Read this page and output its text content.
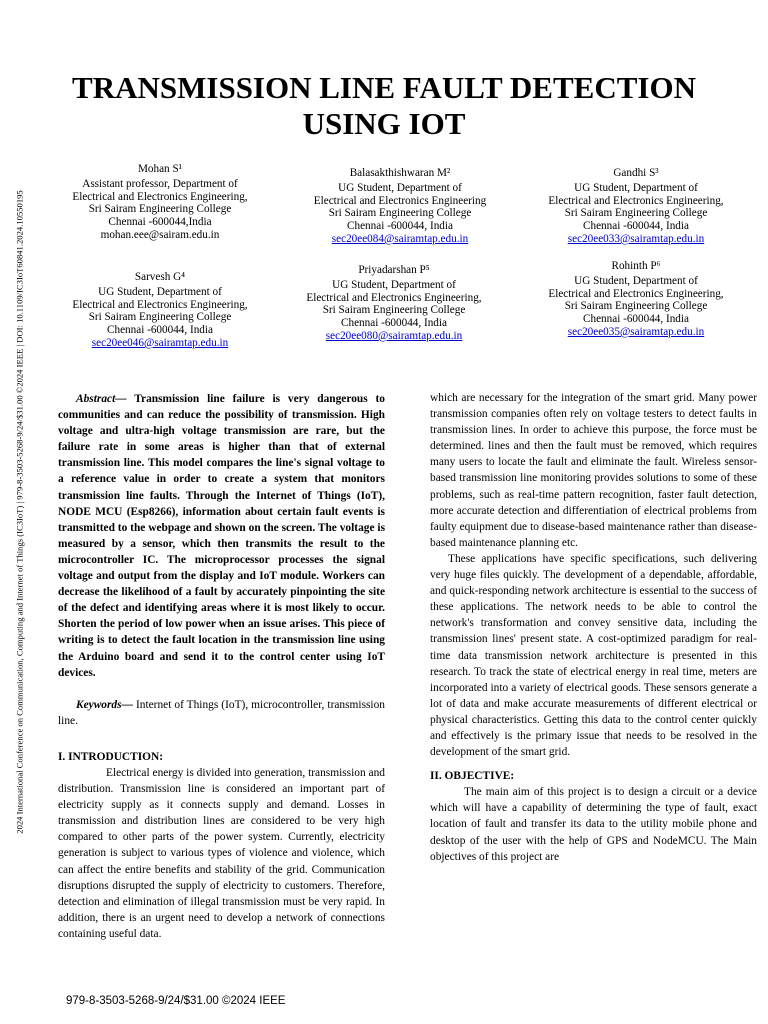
2024 International Conference on Communication, Computing and Internet of Things (IC3IoT) | 979-8-3503-5268-9/24/$31.00 ©2024 IEEE | DOI: 10.1109/IC3IoT60841.2024.10550195
TRANSMISSION LINE FAULT DETECTION
USING IOT
Mohan S¹
Assistant professor, Department of
Electrical and Electronics Engineering,
Sri Sairam Engineering College
Chennai -600044,India
mohan.eee@sairam.edu.in
Balasakthishwaran M²
UG Student, Department of
Electrical and Electronics Engineering
Sri Sairam Engineering College
Chennai -600044, India
sec20ee084@sairamtap.edu.in
Gandhi S³
UG Student, Department of
Electrical and Electronics Engineering,
Sri Sairam Engineering College
Chennai -600044, India
sec20ee033@sairamtap.edu.in
Sarvesh G⁴
UG Student, Department of
Electrical and Electronics Engineering,
Sri Sairam Engineering College
Chennai -600044, India
sec20ee046@sairamtap.edu.in
Priyadarshan P⁵
UG Student, Department of
Electrical and Electronics Engineering,
Sri Sairam Engineering College
Chennai -600044, India
sec20ee080@sairamtap.edu.in
Rohinth P⁶
UG Student, Department of
Electrical and Electronics Engineering,
Sri Sairam Engineering College
Chennai -600044, India
sec20ee035@sairamtap.edu.in

Abstract— Transmission line failure is very dangerous to communities and can reduce the possibility of transmission. High voltage and ultra-high voltage transmission are rare, but the failure rate in some areas is higher than that of external transmission line. This model compares the line's signal voltage to a reference value in order to create a system that monitors transmission line faults. Through the Internet of Things (IoT), NODE MCU (Esp8266), information about certain fault events is transmitted to the webpage and shown on the screen. The voltage is measured by a sensor, which then transmits the result to the microcontroller IC. The microprocessor processes the signal voltage and output from the display and IoT module. Workers can decrease the likelihood of a fault by accurately pinpointing the site of the defect and identifying areas where it is most likely to occur. Shorten the period of low power when an issue arises. This piece of writing is to detect the fault location in the transmission line using the Arduino board and send it to the control center using IoT devices.

Keywords— Internet of Things (IoT), microcontroller, transmission line.

I. INTRODUCTION:

Electrical energy is divided into generation, transmission and distribution. Transmission line is considered an important part of electricity supply as it connects supply and demand. Losses in transmission and distribution lines are considered to be very high compared to other parts of the power system. Currently, electricity generation is subject to various types of violence and violence, which can affect the entire benefits and stability of the grid. Communication disruptions disrupted the supply of electricity to customers. Therefore, detection and elimination of illegal transmission must be very rapid. In addition, there is an urgent need to develop a network of connections containing useful data.

which are necessary for the integration of the smart grid. Many power transmission companies often rely on voltage testers to detect faults in transmission lines. In order to achieve this purpose, the force must be determined. lines and then the fault must be removed, which requires many users to locate the fault and eliminate the fault. Wireless sensor-based transmission line monitoring provides solutions to some of these problems, such as real-time pattern recognition, faster fault detection, more accurate detection and differentiation of electrical problems from faulty equipment due to disease-based maintenance rather than disease-based maintenance planning etc.

These applications have specific specifications, such delivering very huge files quickly. The development of a dependable, affordable, and quick-responding network architecture is essential to the success of these applications. The network needs to be able to control the network's transformation and convey sensitive data, including the transmission lines' present state. A cost-optimized paradigm for real-time data transmission network architecture is presented in this research. To track the state of electrical energy in real time, meters are incorporated into a variety of electrical goods. These sensors generate a lot of data and make accurate measurements of different electrical or physical characteristics. Getting this data to the control center quickly and effectively is the primary issue that needs to be resolved in the development of the smart grid.

II. OBJECTIVE:

The main aim of this project is to design a circuit or a device which will have a capability of determining the type of fault, exact location of fault and transfer its data to the utility mobile phone and desktop of the user with the help of GPS and NodeMCU. The Main objectives of this project are

979-8-3503-5268-9/24/$31.00 ©2024 IEEE
